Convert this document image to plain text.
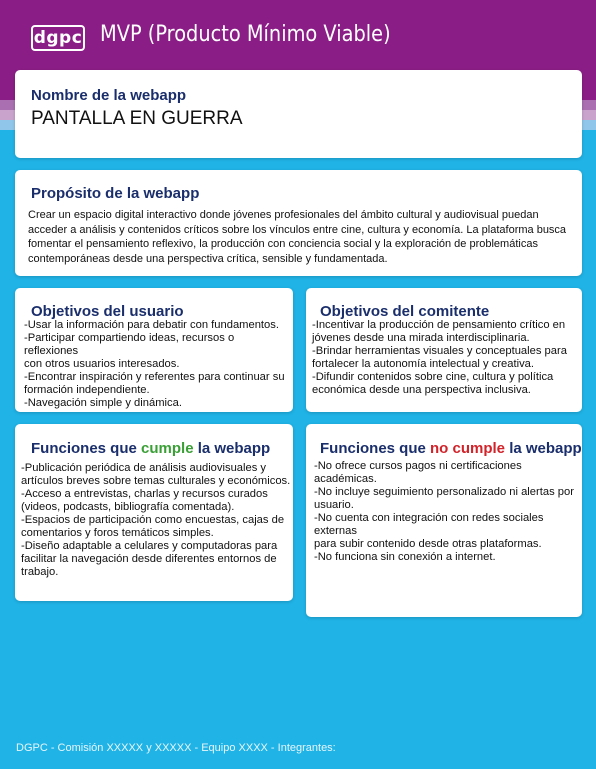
dgpc MVP (Producto Mínimo Viable)
Nombre de la webapp
PANTALLA EN GUERRA
Propósito de la webapp
Crear un espacio digital interactivo donde jóvenes profesionales del ámbito cultural y audiovisual puedan
acceder a análisis y contenidos críticos sobre los vínculos entre cine, cultura y economía. La plataforma busca
fomentar el pensamiento reflexivo, la producción con conciencia social y la exploración de problemáticas
contemporáneas desde una perspectiva crítica, sensible y fundamentada.
Objetivos del usuario
-Usar la información para debatir con fundamentos.
-Participar compartiendo ideas, recursos o reflexiones
con otros usuarios interesados.
-Encontrar inspiración y referentes para continuar su
formación independiente.
-Navegación simple y dinámica.
Objetivos del comitente
-Incentivar la producción de pensamiento crítico en
jóvenes desde una mirada interdisciplinaria.
-Brindar herramientas visuales y conceptuales para
fortalecer la autonomía intelectual y creativa.
-Difundir contenidos sobre cine, cultura y política
económica desde una perspectiva inclusiva.
Funciones que cumple la webapp
-Publicación periódica de análisis audiovisuales y
artículos breves sobre temas culturales y económicos.
-Acceso a entrevistas, charlas y recursos curados
(videos, podcasts, bibliografía comentada).
-Espacios de participación como encuestas, cajas de
comentarios y foros temáticos simples.
-Diseño adaptable a celulares y computadoras para
facilitar la navegación desde diferentes entornos de
trabajo.
Funciones que no cumple la webapp
-No ofrece cursos pagos ni certificaciones académicas.
-No incluye seguimiento personalizado ni alertas por
usuario.
-No cuenta con integración con redes sociales externas
para subir contenido desde otras plataformas.
-No funciona sin conexión a internet.
DGPC - Comisión XXXXX y XXXXX - Equipo XXXX - Integrantes:
